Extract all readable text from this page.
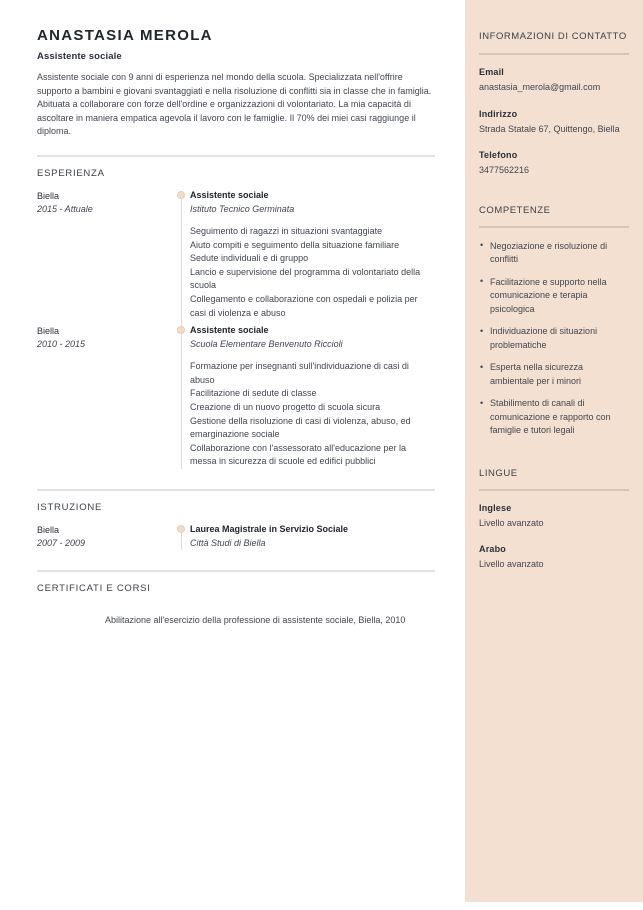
ANASTASIA MEROLA
Assistente sociale
Assistente sociale con 9 anni di esperienza nel mondo della scuola. Specializzata nell'offrire supporto a bambini e giovani svantaggiati e nella risoluzione di conflitti sia in classe che in famiglia. Abituata a collaborare con forze dell'ordine e organizzazioni di volontariato. La mia capacità di ascoltare in maniera empatica agevola il lavoro con le famiglie. Il 70% dei miei casi raggiunge il diploma.
ESPERIENZA
Biella
2015 - Attuale
Assistente sociale
Istituto Tecnico Germinata
Seguimento di ragazzi in situazioni svantaggiate
Aiuto compiti e seguimento della situazione familiare
Sedute individuali e di gruppo
Lancio e supervisione del programma di volontariato della scuola
Collegamento e collaborazione con ospedali e polizia per casi di violenza e abuso
Biella
2010 - 2015
Assistente sociale
Scuola Elementare Benvenuto Riccioli
Formazione per insegnanti sull'individuazione di casi di abuso
Facilitazione di sedute di classe
Creazione di un nuovo progetto di scuola sicura
Gestione della risoluzione di casi di violenza, abuso, ed emarginazione sociale
Collaborazione con l'assessorato all'educazione per la messa in sicurezza di scuole ed edifici pubblici
ISTRUZIONE
Biella
2007 - 2009
Laurea Magistrale in Servizio Sociale
Città Studi di Biella
CERTIFICATI E CORSI
Abilitazione all'esercizio della professione di assistente sociale, Biella, 2010
INFORMAZIONI DI CONTATTO
Email
anastasia_merola@gmail.com
Indirizzo
Strada Statale 67, Quittengo, Biella
Telefono
3477562216
COMPETENZE
• Negoziazione e risoluzione di conflitti
• Facilitazione e supporto nella comunicazione e terapia psicologica
• Individuazione di situazioni problematiche
• Esperta nella sicurezza ambientale per i minori
• Stabilimento di canali di comunicazione e rapporto con famiglie e tutori legali
LINGUE
Inglese
Livello avanzato
Arabo
Livello avanzato
